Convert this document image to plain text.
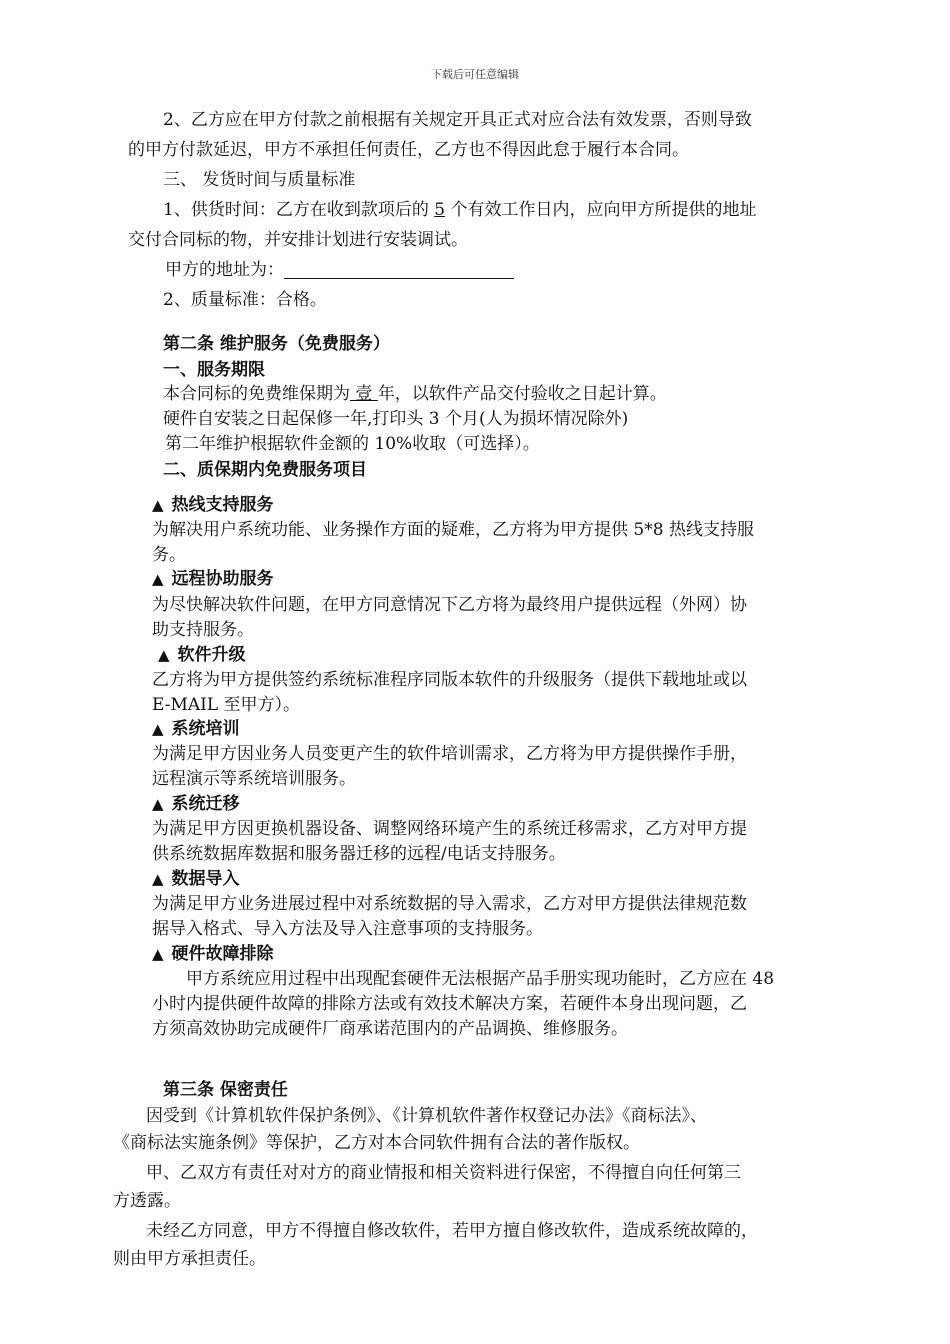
下载后可任意编辑
2、乙方应在甲方付款之前根据有关规定开具正式对应合法有效发票，否则导致
的甲方付款延迟，甲方不承担任何责任，乙方也不得因此怠于履行本合同。
三、 发货时间与质量标准
1、供货时间：乙方在收到款项后的 5 个有效工作日内，应向甲方所提供的地址
交付合同标的物，并安排计划进行安装调试。
甲方的地址为：
2、质量标准：合格。
第二条 维护服务（免费服务）
一、服务期限
本合同标的免费维保期为 壹 年，以软件产品交付验收之日起计算。
硬件自安装之日起保修一年,打印头 3 个月(人为损坏情况除外)
第二年维护根据软件金额的 10%收取（可选择）。
二、质保期内免费服务项目
▲ 热线支持服务
为解决用户系统功能、业务操作方面的疑难，乙方将为甲方提供 5*8 热线支持服
务。
▲ 远程协助服务
为尽快解决软件问题，在甲方同意情况下乙方将为最终用户提供远程（外网）协
助支持服务。
▲ 软件升级
乙方将为甲方提供签约系统标准程序同版本软件的升级服务（提供下载地址或以
E-MAIL 至甲方）。
▲ 系统培训
为满足甲方因业务人员变更产生的软件培训需求，乙方将为甲方提供操作手册，
远程演示等系统培训服务。
▲ 系统迁移
为满足甲方因更换机器设备、调整网络环境产生的系统迁移需求，乙方对甲方提
供系统数据库数据和服务器迁移的远程/电话支持服务。
▲ 数据导入
为满足甲方业务进展过程中对系统数据的导入需求，乙方对甲方提供法律规范数
据导入格式、导入方法及导入注意事项的支持服务。
▲ 硬件故障排除
甲方系统应用过程中出现配套硬件无法根据产品手册实现功能时，乙方应在 48
小时内提供硬件故障的排除方法或有效技术解决方案，若硬件本身出现问题，乙
方须高效协助完成硬件厂商承诺范围内的产品调换、维修服务。
第三条 保密责任
因受到《计算机软件保护条例》、《计算机软件著作权登记办法》《商标法》、
《商标法实施条例》等保护，乙方对本合同软件拥有合法的著作版权。
甲、乙双方有责任对对方的商业情报和相关资料进行保密，不得擅自向任何第三
方透露。
未经乙方同意，甲方不得擅自修改软件，若甲方擅自修改软件，造成系统故障的，
则由甲方承担责任。
